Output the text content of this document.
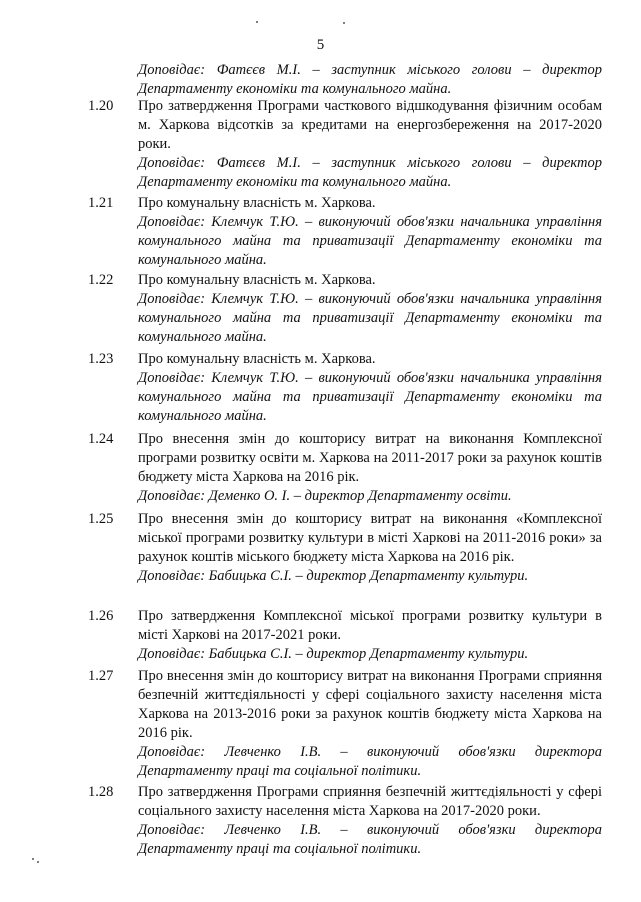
5
Доповідає: Фатєєв М.І. – заступник міського голови – директор Департаменту економіки та комунального майна.
1.20 Про затвердження Програми часткового відшкодування фізичним особам м. Харкова відсотків за кредитами на енергозбереження на 2017-2020 роки.
Доповідає: Фатєєв М.І. – заступник міського голови – директор Департаменту економіки та комунального майна.
1.21 Про комунальну власність м. Харкова.
Доповідає: Клемчук Т.Ю. – виконуючий обов'язки начальника управління комунального майна та приватизації Департаменту економіки та комунального майна.
1.22 Про комунальну власність м. Харкова.
Доповідає: Клемчук Т.Ю. – виконуючий обов'язки начальника управління комунального майна та приватизації Департаменту економіки та комунального майна.
1.23 Про комунальну власність м. Харкова.
Доповідає: Клемчук Т.Ю. – виконуючий обов'язки начальника управління комунального майна та приватизації Департаменту економіки та комунального майна.
1.24 Про внесення змін до кошторису витрат на виконання Комплексної програми розвитку освіти м. Харкова на 2011-2017 роки за рахунок коштів бюджету міста Харкова на 2016 рік.
Доповідає: Деменко О. І. – директор Департаменту освіти.
1.25 Про внесення змін до кошторису витрат на виконання «Комплексної міської програми розвитку культури в місті Харкові на 2011-2016 роки» за рахунок коштів міського бюджету міста Харкова на 2016 рік.
Доповідає: Бабицька С.І. – директор Департаменту культури.
1.26 Про затвердження Комплексної міської програми розвитку культури в місті Харкові на 2017-2021 роки.
Доповідає: Бабицька С.І. – директор Департаменту культури.
1.27 Про внесення змін до кошторису витрат на виконання Програми сприяння безпечній життєдіяльності у сфері соціального захисту населення міста Харкова на 2013-2016 роки за рахунок коштів бюджету міста Харкова на 2016 рік.
Доповідає: Левченко І.В. – виконуючий обов'язки директора Департаменту праці та соціальної політики.
1.28 Про затвердження Програми сприяння безпечній життєдіяльності у сфері соціального захисту населення міста Харкова на 2017-2020 роки.
Доповідає: Левченко І.В. – виконуючий обов'язки директора Департаменту праці та соціальної політики.
